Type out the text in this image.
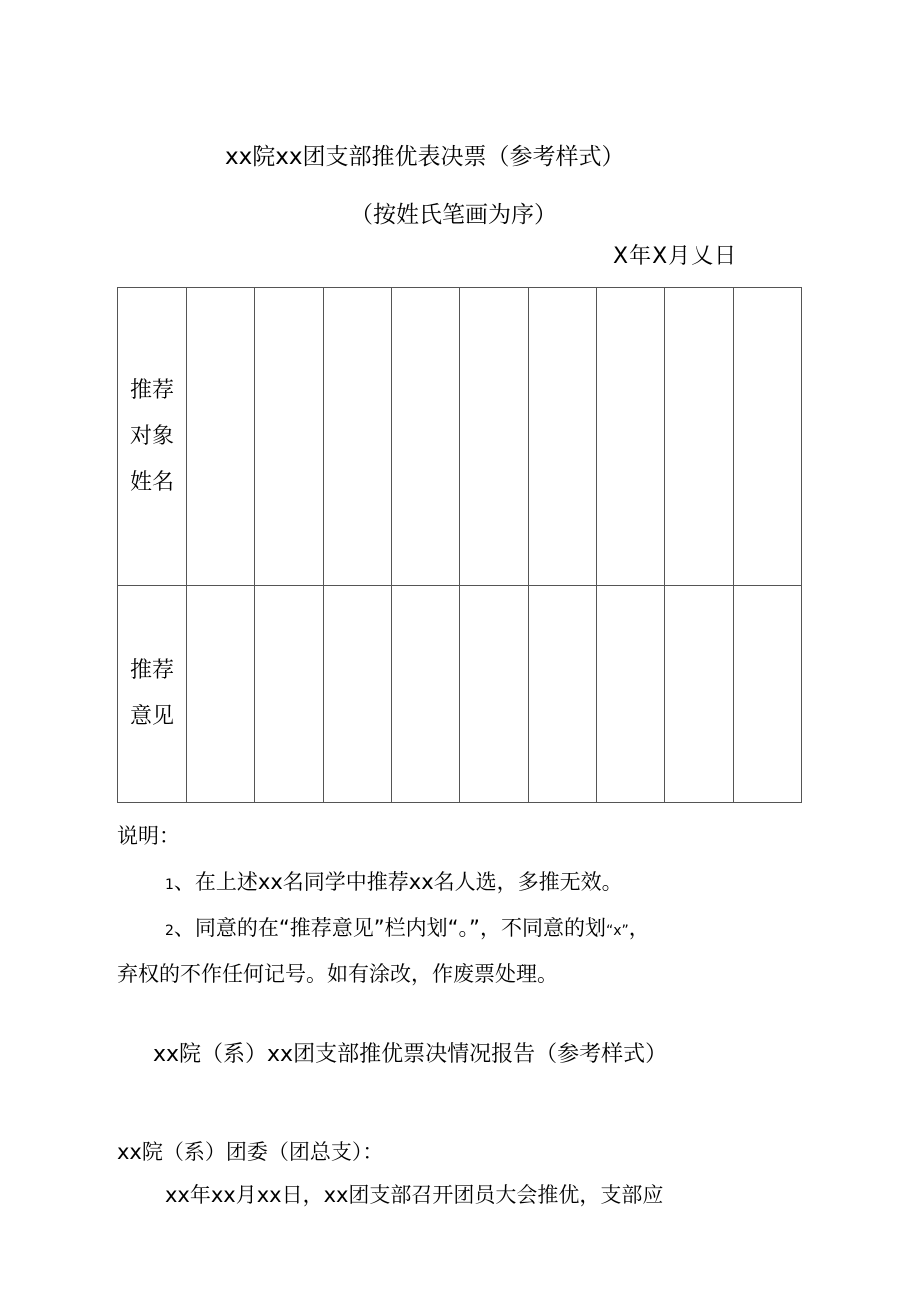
xx院xx团支部推优表决票（参考样式）
（按姓氏笔画为序）
X年X月乂日
推荐
对象
姓名									

推荐
意见									

说明：
1、在上述xx名同学中推荐xx名人选，多推无效。
2、同意的在“推荐意见”栏内划“。”，不同意的划“x”，
弃权的不作任何记号。如有涂改，作废票处理。
xx院（系）xx团支部推优票决情况报告（参考样式）
xx院（系）团委（团总支）：
xx年xx月xx日，xx团支部召开团员大会推优，支部应
